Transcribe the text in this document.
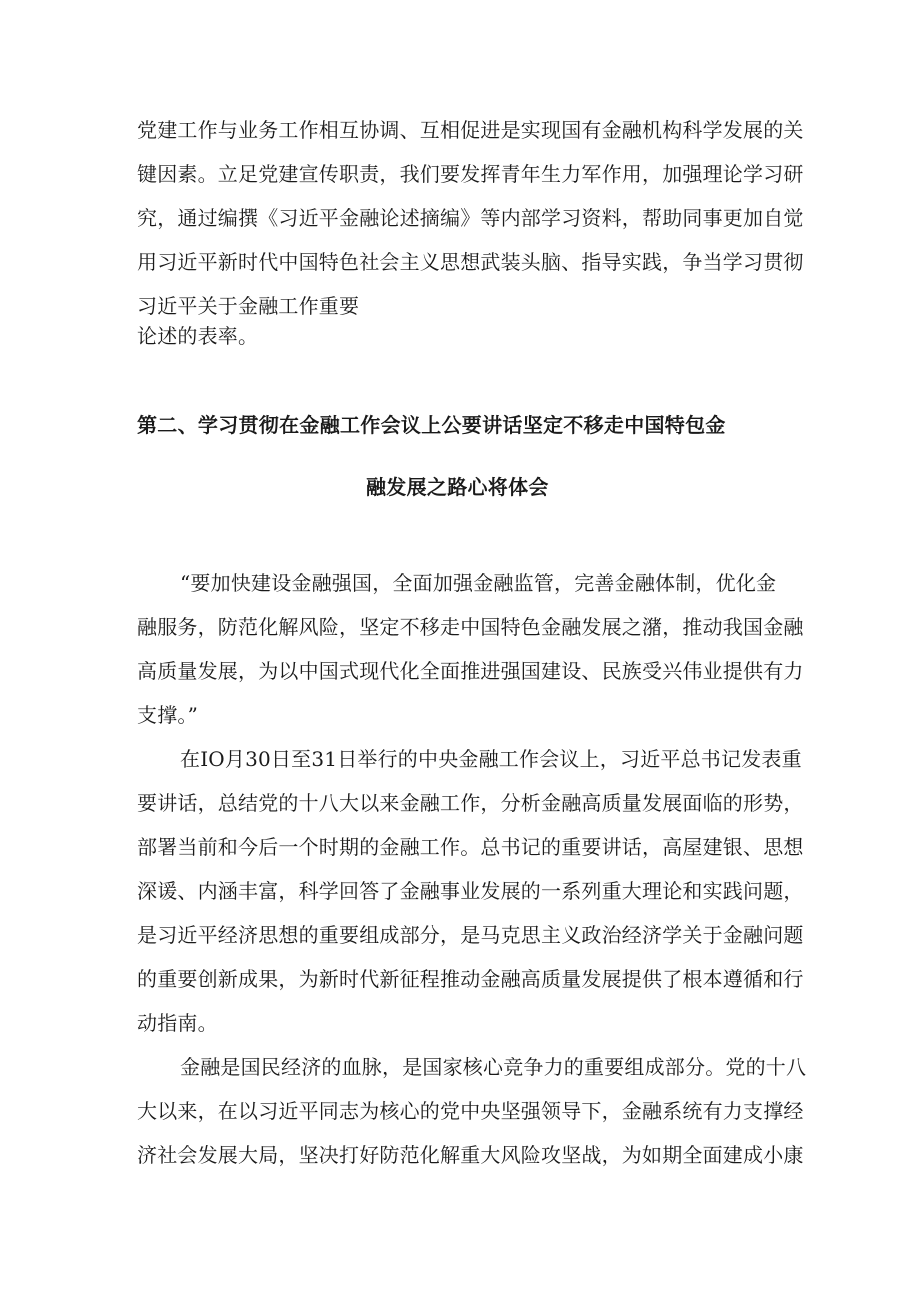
党建工作与业务工作相互协调、互相促进是实现国有金融机构科学发展的关
键因素。立足党建宣传职责，我们要发挥青年生力军作用，加强理论学习研
究，通过编撰《习近平金融论述摘编》等内部学习资料，帮助同事更加自觉
用习近平新时代中国特色社会主义思想武装头脑、指导实践，争当学习贯彻
习近平关于金融工作重要
论述的表率。
第二、学习贯彻在金融工作会议上公要讲话坚定不移走中国特包金
融发展之路心将体会
“要加快建设金融强国，全面加强金融监管，完善金融体制，优化金
融服务，防范化解风险，坚定不移走中国特色金融发展之潴，推动我国金融
高质量发展，为以中国式现代化全面推进强国建设、民族受兴伟业提供有力
支撑。”
在IO月30日至31日举行的中央金融工作会议上，习近平总书记发表重
要讲话，总结党的十八大以来金融工作，分析金融高质量发展面临的形势，
部署当前和今后一个时期的金融工作。总书记的重要讲话，高屋建银、思想
深谖、内涵丰富，科学回答了金融事业发展的一系列重大理论和实践问题，
是习近平经济思想的重要组成部分，是马克思主义政治经济学关于金融问题
的重要创新成果，为新时代新征程推动金融高质量发展提供了根本遵循和行
动指南。
金融是国民经济的血脉，是国家核心竞争力的重要组成部分。党的十八
大以来，在以习近平同志为核心的党中央坚强领导下，金融系统有力支撑经
济社会发展大局，坚决打好防范化解重大风险攻坚战，为如期全面建成小康
